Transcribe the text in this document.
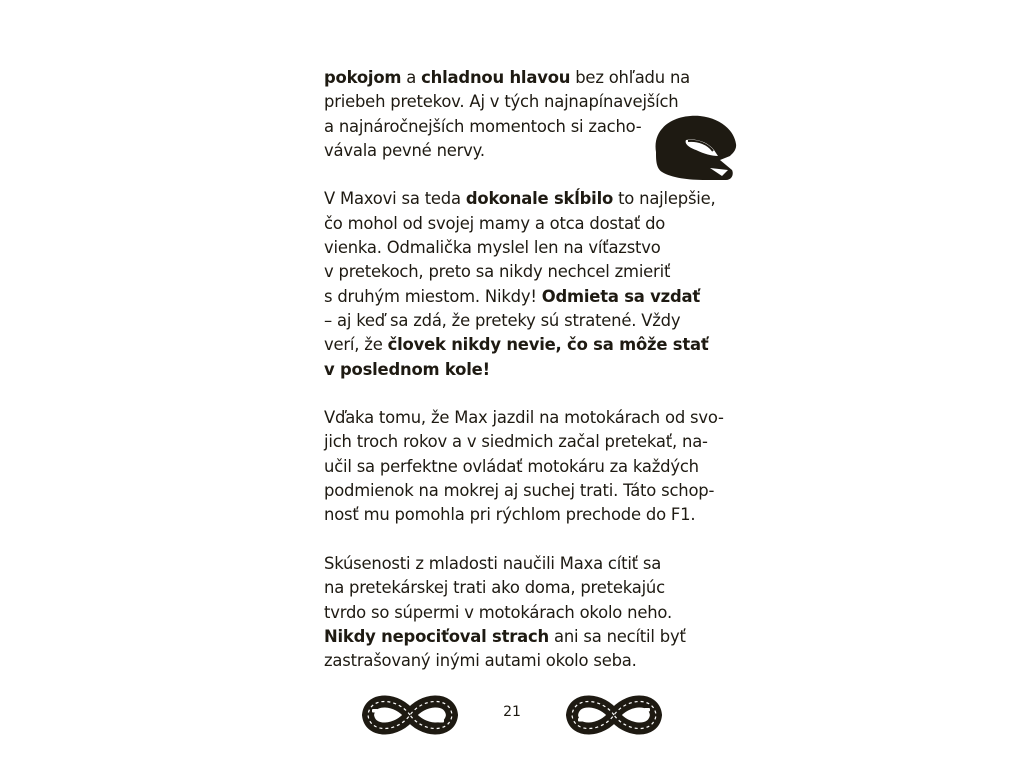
pokojom a chladnou hlavou bez ohľadu na
priebeh pretekov. Aj v tých najnapínavejších
a najnáročnejších momentoch si zacho-
vávala pevné nervy.

V Maxovi sa teda dokonale skĺbilo to najlepšie,
čo mohol od svojej mamy a otca dostať do
vienka. Odmalička myslel len na víťazstvo
v pretekoch, preto sa nikdy nechcel zmieriť
s druhým miestom. Nikdy! Odmieta sa vzdať
– aj keď sa zdá, že preteky sú stratené. Vždy
verí, že človek nikdy nevie, čo sa môže stať
v poslednom kole!

Vďaka tomu, že Max jazdil na motokárach od svo-
jich troch rokov a v siedmich začal pretekať, na-
učil sa perfektne ovládať motokáru za každých
podmienok na mokrej aj suchej trati. Táto schop-
nosť mu pomohla pri rýchlom prechode do F1.

Skúsenosti z mladosti naučili Maxa cítiť sa
na pretekárskej trati ako doma, pretekajúc
tvrdo so súpermi v motokárach okolo neho.
Nikdy nepociťoval strach ani sa necítil byť
zastrašovaný inými autami okolo seba.

21
